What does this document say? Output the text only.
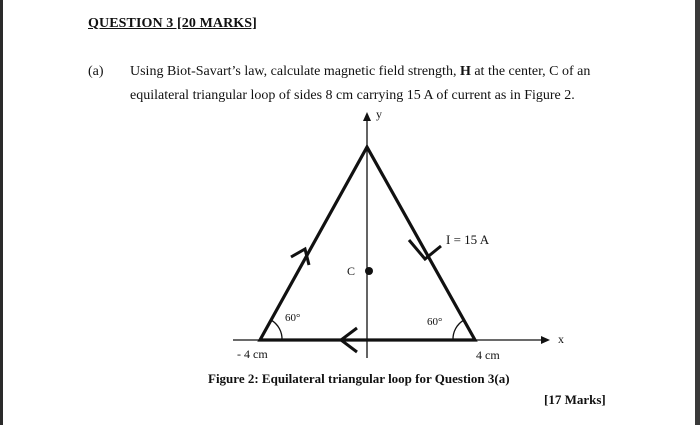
QUESTION 3 [20 MARKS]
(a) Using Biot-Savart’s law, calculate magnetic field strength, H at the center, C of an
equilateral triangular loop of sides 8 cm carrying 15 A of current as in Figure 2.
y
x
C
I = 15 A
60°	60°
- 4 cm	4 cm
Figure 2: Equilateral triangular loop for Question 3(a)
[17 Marks]
